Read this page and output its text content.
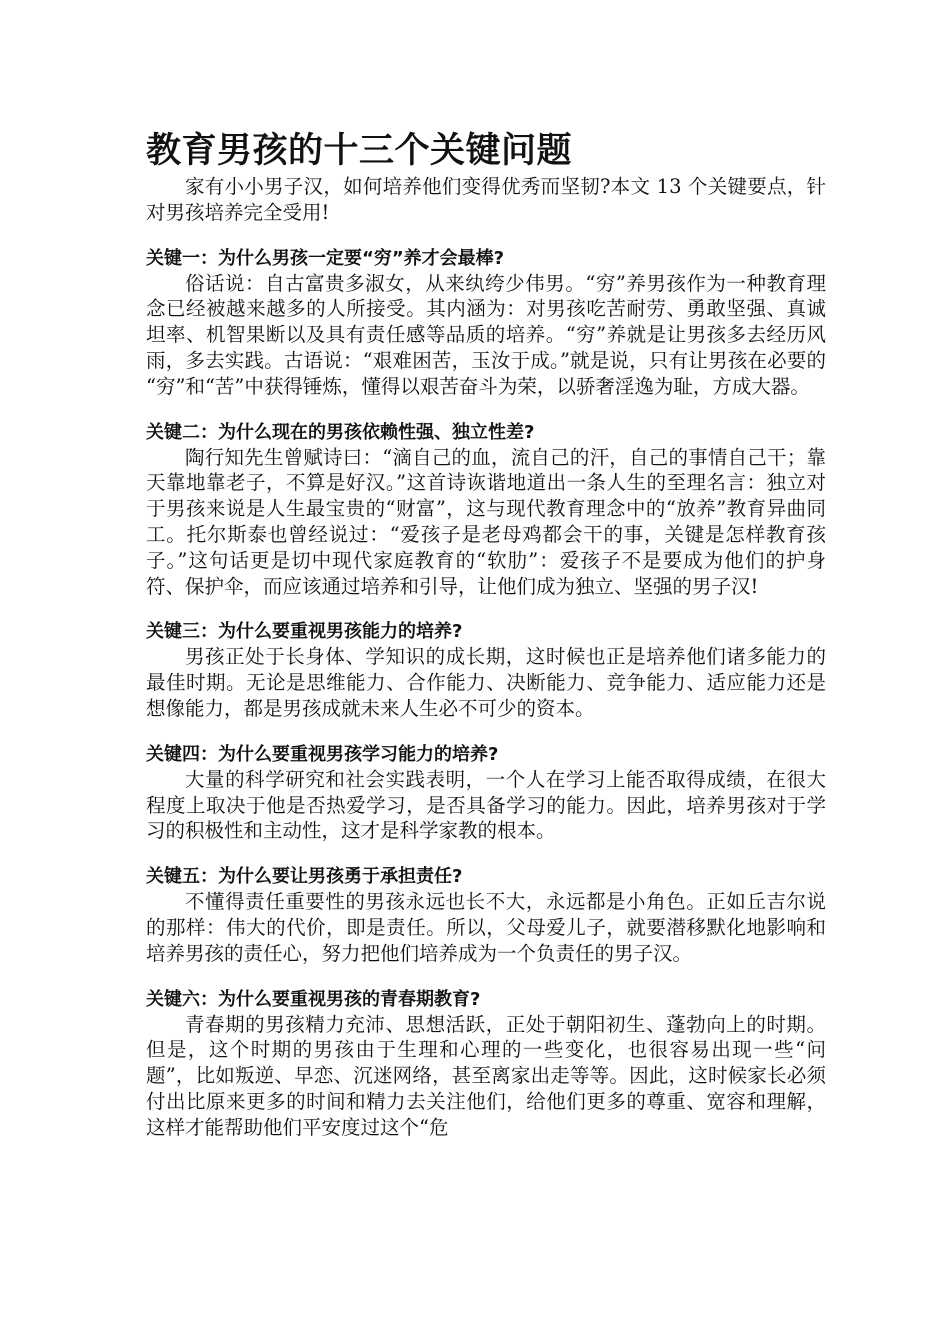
教育男孩的十三个关键问题

家有小小男子汉，如何培养他们变得优秀而坚韧?本文 13 个关键要点，针对男孩培养完全受用!

关键一：为什么男孩一定要“穷”养才会最棒?

俗话说：自古富贵多淑女，从来纨绔少伟男。“穷”养男孩作为一种教育理念已经被越来越多的人所接受。其内涵为：对男孩吃苦耐劳、勇敢坚强、真诚 坦率、机智果断以及具有责任感等品质的培养。“穷”养就是让男孩多去经历风雨，多去实践。古语说：“艰难困苦，玉汝于成。”就是说，只有让男孩在必要的 “穷”和“苦”中获得锤炼，懂得以艰苦奋斗为荣，以骄奢淫逸为耻，方成大器。

关键二：为什么现在的男孩依赖性强、独立性差?

陶行知先生曾赋诗曰：“滴自己的血，流自己的汗，自己的事情自己干；靠天靠地靠老子，不算是好汉。”这首诗诙谐地道出一条人生的至理名言：独立对于男孩来说是人生最宝贵的“财富”，这与现代教育理念中的“放养”教育异曲同工。托尔斯泰也曾经说过：“爱孩子是老母鸡都会干的事，关键是怎样教育孩子。”这句话更是切中现代家庭教育的“软肋”：爱孩子不是要成为他们的护身符、保护伞，而应该通过培养和引导，让他们成为独立、坚强的男子汉!

关键三：为什么要重视男孩能力的培养?

男孩正处于长身体、学知识的成长期，这时候也正是培养他们诸多能力的最佳时期。无论是思维能力、合作能力、决断能力、竞争能力、适应能力还是想像能力，都是男孩成就未来人生必不可少的资本。

关键四：为什么要重视男孩学习能力的培养?

大量的科学研究和社会实践表明，一个人在学习上能否取得成绩，在很大程度上取决于他是否热爱学习，是否具备学习的能力。因此，培养男孩对于学习的积极性和主动性，这才是科学家教的根本。

关键五：为什么要让男孩勇于承担责任?

不懂得责任重要性的男孩永远也长不大，永远都是小角色。正如丘吉尔说的那样：伟大的代价，即是责任。所以，父母爱儿子，就要潜移默化地影响和培养男孩的责任心，努力把他们培养成为一个负责任的男子汉。

关键六：为什么要重视男孩的青春期教育?

青春期的男孩精力充沛、思想活跃，正处于朝阳初生、蓬勃向上的时期。但是，这个时期的男孩由于生理和心理的一些变化，也很容易出现一些“问题”，比如叛逆、早恋、沉迷网络，甚至离家出走等等。因此，这时候家长必须付出比原来更多的时间和精力去关注他们，给他们更多的尊重、宽容和理解，这样才能帮助他们平安度过这个“危
